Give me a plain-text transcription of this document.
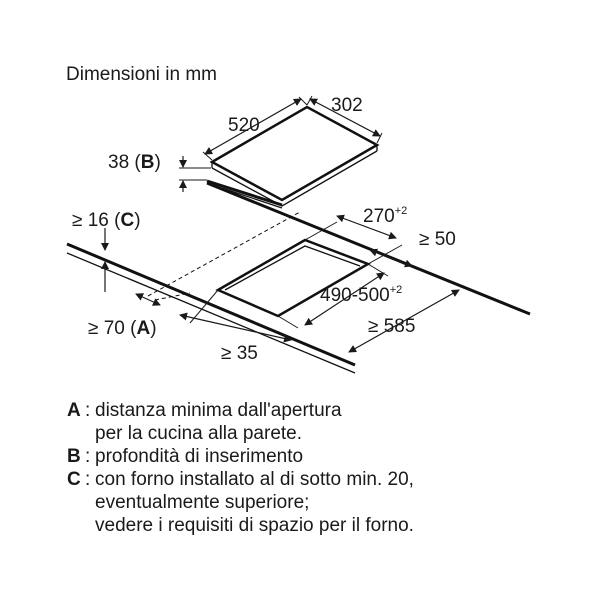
Dimensioni in mm
520
302
38 (B)
≥ 16 (C)	$270^{+2}$
≥ 50
$490-500^{+2}$
≥ 585
≥ 70 (A)
≥ 35
A : distanza minima dall'apertura
per la cucina alla parete.
B : profondità di inserimento
C : con forno installato al di sotto min. 20,
eventualmente superiore;
vedere i requisiti di spazio per il forno.
